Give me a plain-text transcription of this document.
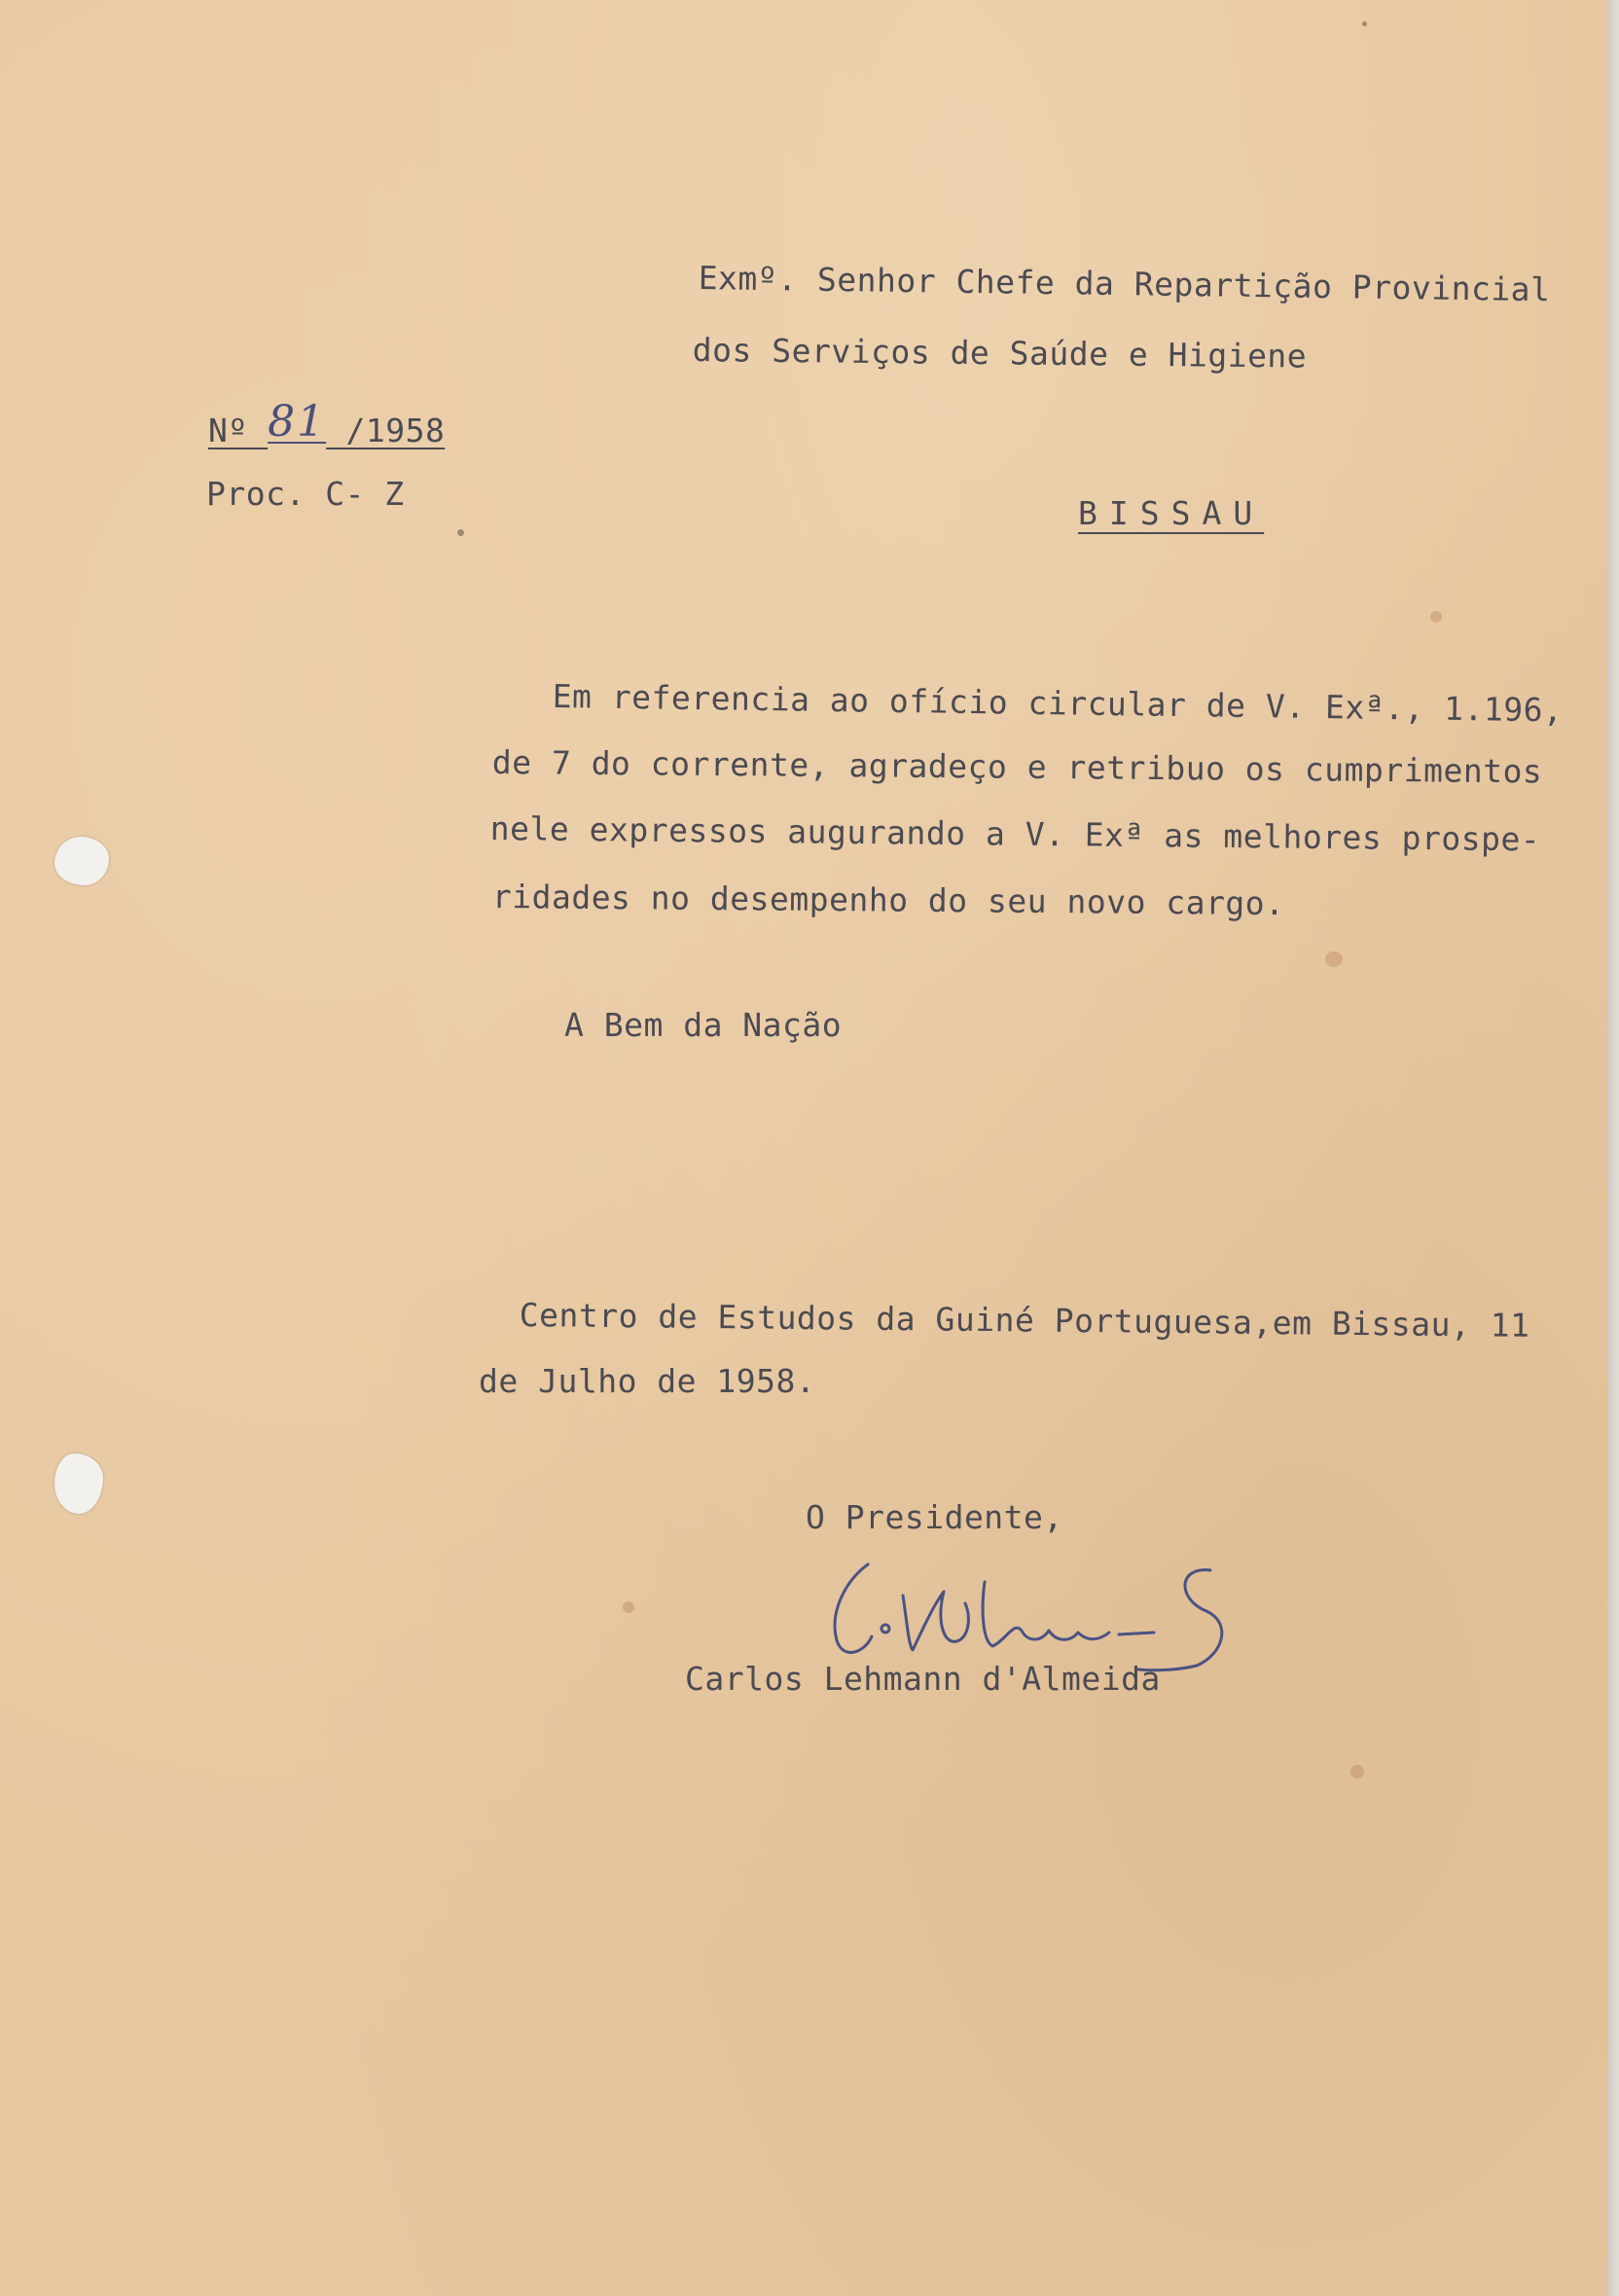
Exmº. Senhor Chefe da Repartição Provincial
dos Serviços de Saúde e Higiene
Nº 81 /1958
Proc. C- Z
BISSAU
Em referencia ao ofício circular de V. Exª., 1.196,
de 7 do corrente, agradeço e retribuo os cumprimentos
nele expressos augurando a V. Exª as melhores prospe-
ridades no desempenho do seu novo cargo.
A Bem da Nação
Centro de Estudos da Guiné Portuguesa,em Bissau, 11
de Julho de 1958.
O Presidente,
Carlos Lehmann d'Almeida
